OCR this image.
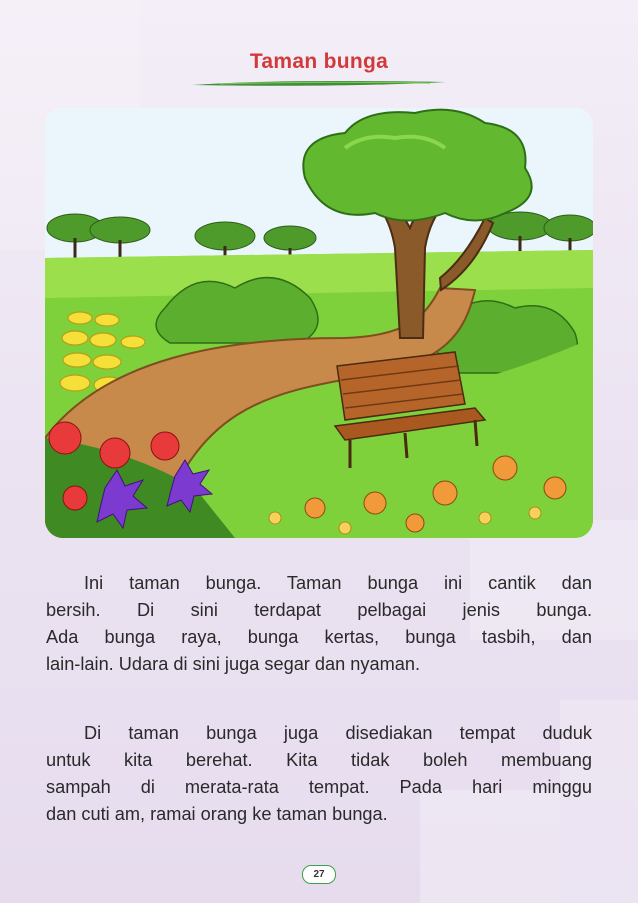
Taman bunga
Ini taman bunga. Taman bunga ini cantik dan
bersih. Di sini terdapat pelbagai jenis bunga.
Ada bunga raya, bunga kertas, bunga tasbih, dan
lain-lain. Udara di sini juga segar dan nyaman.
Di taman bunga juga disediakan tempat duduk
untuk kita berehat. Kita tidak boleh membuang
sampah di merata-rata tempat. Pada hari minggu
dan cuti am, ramai orang ke taman bunga.
27
